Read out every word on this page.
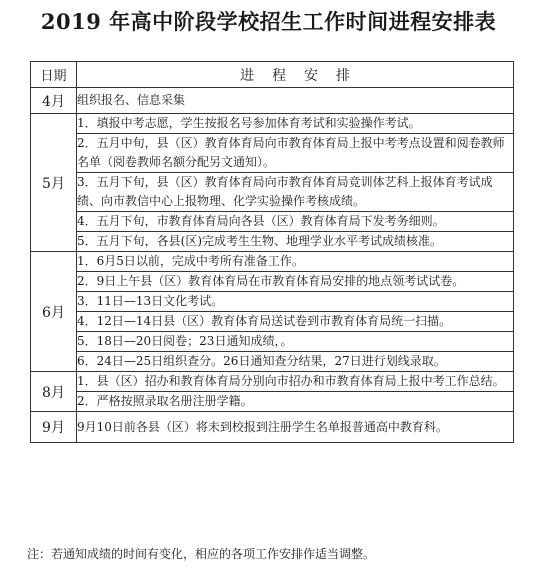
2019 年高中阶段学校招生工作时间进程安排表
日期	进程安排
4月	组织报名、信息采集
5月	1．填报中考志愿，学生按报名号参加体育考试和实验操作考试。
	2．五月中旬，县（区）教育体育局向市教育体育局上报中考考点设置和阅卷教师名单（阅卷教师名额分配另文通知）。
	3．五月下旬，县（区）教育体育局向市教育体育局竞训体艺科上报体育考试成绩、向市教信中心上报物理、化学实验操作考核成绩。
	4．五月下旬，市教育体育局向各县（区）教育体育局下发考务细则。
	5．五月下旬，各县(区)完成考生生物、地理学业水平考试成绩核准。
6月	1．6月5日以前，完成中考所有准备工作。
	2．9日上午县（区）教育体育局在市教育体育局安排的地点领考试试卷。
	3．11日—13日文化考试。
	4．12日—14日县（区）教育体育局送试卷到市教育体育局统一扫描。
	5．18日—20日阅卷；23日通知成绩，。
	6．24日—25日组织查分。26日通知查分结果，27日进行划线录取。
8月	1．县（区）招办和教育体育局分别向市招办和市教育体育局上报中考工作总结。
	2．严格按照录取名册注册学籍。
9月	9月10日前各县（区）将未到校报到注册学生名单报普通高中教育科。
注：若通知成绩的时间有变化，相应的各项工作安排作适当调整。
